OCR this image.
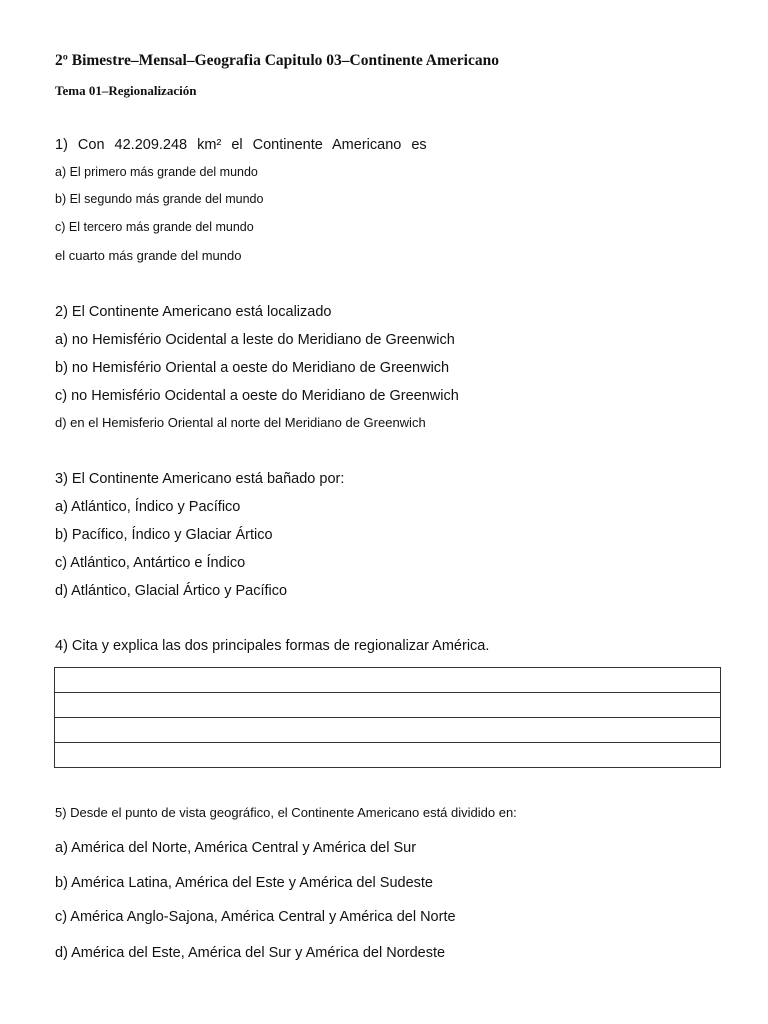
2º Bimestre–Mensal–Geografia Capitulo 03–Continente Americano
Tema 01–Regionalización
1) Con 42.209.248 km² el Continente Americano es
a) El primero más grande del mundo
b) El segundo más grande del mundo
c) El tercero más grande del mundo
el cuarto más grande del mundo
2) El Continente Americano está localizado
a) no Hemisfério Ocidental a leste do Meridiano de Greenwich
b) no Hemisfério Oriental a oeste do Meridiano de Greenwich
c) no Hemisfério Ocidental a oeste do Meridiano de Greenwich
d) en el Hemisferio Oriental al norte del Meridiano de Greenwich
3) El Continente Americano está bañado por:
a) Atlántico, Índico y Pacífico
b) Pacífico, Índico y Glaciar Ártico
c) Atlántico, Antártico e Índico
d) Atlántico, Glacial Ártico y Pacífico
4) Cita y explica las dos principales formas de regionalizar América.

5) Desde el punto de vista geográfico, el Continente Americano está dividido en:
a) América del Norte, América Central y América del Sur
b) América Latina, América del Este y América del Sudeste
c) América Anglo-Sajona, América Central y América del Norte
d) América del Este, América del Sur y América del Nordeste
